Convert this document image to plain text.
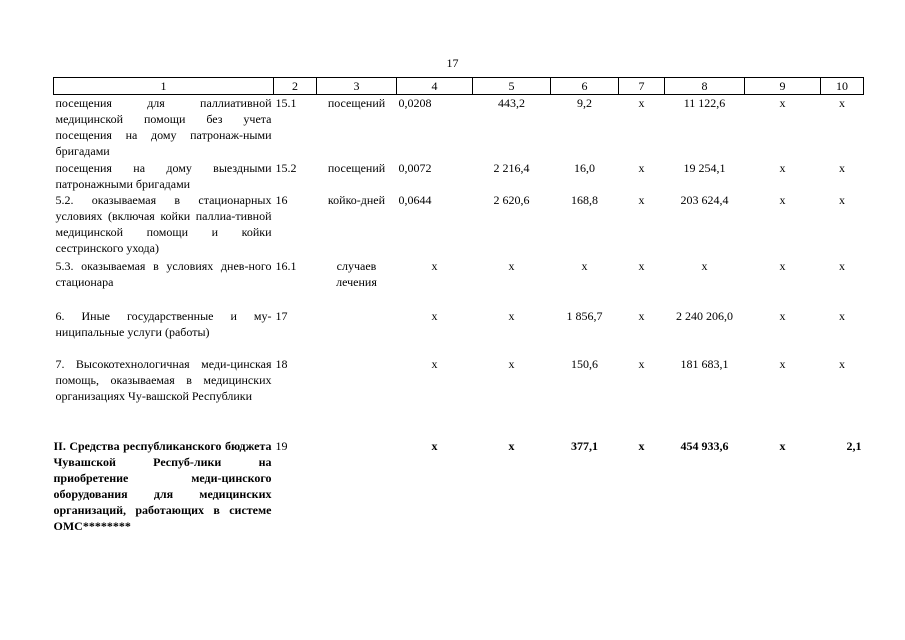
17
1	2	3	4	5	6	7	8	9	10
посещения для паллиативной медицинской помощи без учета посещения на дому патронаж-ными бригадами	15.1	посещений	0,0208	443,2	9,2	х	11 122,6	х	х
посещения на дому выездными патронажными бригадами	15.2	посещений	0,0072	2 216,4	16,0	х	19 254,1	х	х
5.2. оказываемая в стационарных условиях (включая койки паллиа-тивной медицинской помощи и койки сестринского ухода)	16	койко-дней	0,0644	2 620,6	168,8	х	203 624,4	х	х
5.3. оказываемая в условиях днев-ного стационара	16.1	случаев лечения	х	х	х	х	х	х	х
6. Иные государственные и му-ниципальные услуги (работы)	17		х	х	1 856,7	х	2 240 206,0	х	х
7. Высокотехнологичная меди-цинская помощь, оказываемая в медицинских организациях Чу-вашской Республики	18		х	х	150,6	х	181 683,1	х	х
II. Средства республиканского бюджета Чувашской Респуб-лики на приобретение меди-цинского оборудования для медицинских организаций, работающих в системе ОМС********	19		х	х	377,1	х	454 933,6	х	2,1
